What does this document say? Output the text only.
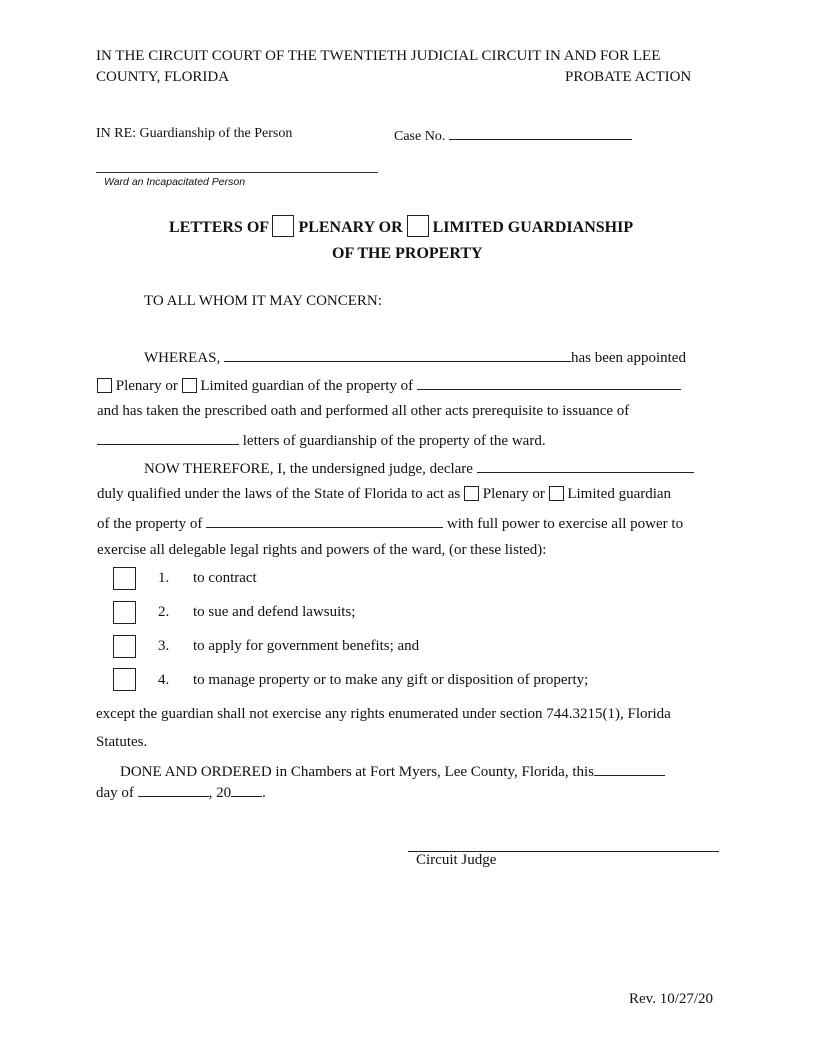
IN THE CIRCUIT COURT OF THE TWENTIETH JUDICIAL CIRCUIT IN AND FOR LEE
COUNTY, FLORIDA	PROBATE ACTION
IN RE: Guardianship of the Person	Case No.
Ward an Incapacitated Person
LETTERS OF PLENARY OR LIMITED GUARDIANSHIP
OF THE PROPERTY
TO ALL WHOM IT MAY CONCERN:
WHEREAS,	has been appointed
Plenary or Limited guardian of the property of
and has taken the prescribed oath and performed all other acts prerequisite to issuance of
letters of guardianship of the property of the ward.
NOW THEREFORE, I, the undersigned judge, declare
duly qualified under the laws of the State of Florida to act as Plenary or Limited guardian
of the property of	with full power to exercise all power to
exercise all delegable legal rights and powers of the ward, (or these listed):
1. to contract
2. to sue and defend lawsuits;
3. to apply for government benefits; and
4. to manage property or to make any gift or disposition of property;
except the guardian shall not exercise any rights enumerated under section 744.3215(1), Florida
Statutes.
DONE AND ORDERED in Chambers at Fort Myers, Lee County, Florida, this
day of	, 20 .
Circuit Judge
Rev. 10/27/20
